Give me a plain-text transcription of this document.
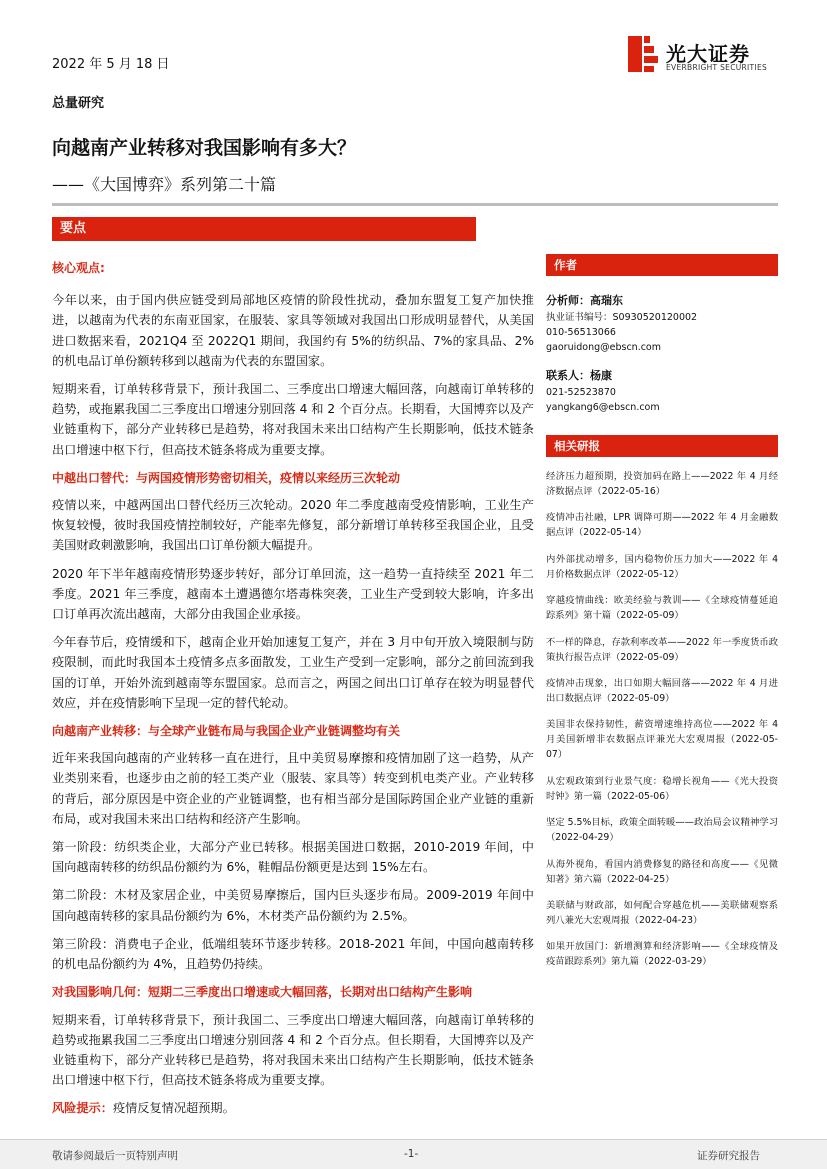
2022 年 5 月 18 日	光大证券
EVERBRIGHT SECURITIES
总量研究
向越南产业转移对我国影响有多大？
——《大国博弈》系列第二十篇
要点
核心观点:

今年以来，由于国内供应链受到局部地区疫情的阶段性扰动，叠加东盟复工复产加快推进，以越南为代表的东南亚国家，在服装、家具等领域对我国出口形成明显替代，从美国进口数据来看，2021Q4 至 2022Q1 期间，我国约有 5%的纺织品、7%的家具品、2%的机电品订单份额转移到以越南为代表的东盟国家。

短期来看，订单转移背景下，预计我国二、三季度出口增速大幅回落，向越南订单转移的趋势，或拖累我国二三季度出口增速分别回落 4 和 2 个百分点。长期看，大国博弈以及产业链重构下，部分产业转移已是趋势，将对我国未来出口结构产生长期影响，低技术链条出口增速中枢下行，但高技术链条将成为重要支撑。

中越出口替代：与两国疫情形势密切相关，疫情以来经历三次轮动

疫情以来，中越两国出口替代经历三次轮动。2020 年二季度越南受疫情影响，工业生产恢复较慢，彼时我国疫情控制较好，产能率先修复，部分新增订单转移至我国企业，且受美国财政刺激影响，我国出口订单份额大幅提升。

2020 年下半年越南疫情形势逐步转好，部分订单回流，这一趋势一直持续至 2021 年二季度。2021 年三季度，越南本土遭遇德尔塔毒株突袭，工业生产受到较大影响，许多出口订单再次流出越南，大部分由我国企业承接。

今年春节后，疫情缓和下，越南企业开始加速复工复产，并在 3 月中旬开放入境限制与防疫限制，而此时我国本土疫情多点多面散发，工业生产受到一定影响，部分之前回流到我国的订单，开始外流到越南等东盟国家。总而言之，两国之间出口订单存在较为明显替代效应，并在疫情影响下呈现一定的替代轮动。

向越南产业转移：与全球产业链布局与我国企业产业链调整均有关

近年来我国向越南的产业转移一直在进行，且中美贸易摩擦和疫情加剧了这一趋势，从产业类别来看，也逐步由之前的轻工类产业（服装、家具等）转变到机电类产业。产业转移的背后，部分原因是中资企业的产业链调整，也有相当部分是国际跨国企业产业链的重新布局，或对我国未来出口结构和经济产生影响。

第一阶段：纺织类企业，大部分产业已转移。根据美国进口数据，2010-2019 年间，中国向越南转移的纺织品份额约为 6%，鞋帽品份额更是达到 15%左右。

第二阶段：木材及家居企业，中美贸易摩擦后，国内巨头逐步布局。2009-2019 年间中国向越南转移的家具品份额约为 6%，木材类产品份额约为 2.5%。

第三阶段：消费电子企业，低端组装环节逐步转移。2018-2021 年间，中国向越南转移的机电品份额约为 4%，且趋势仍持续。

对我国影响几何：短期二三季度出口增速或大幅回落，长期对出口结构产生影响

短期来看，订单转移背景下，预计我国二、三季度出口增速大幅回落，向越南订单转移的趋势或拖累我国二三季度出口增速分别回落 4 和 2 个百分点。但长期看，大国博弈以及产业链重构下，部分产业转移已是趋势，将对我国未来出口结构产生长期影响，低技术链条出口增速中枢下行，但高技术链条将成为重要支撑。

风险提示：疫情反复情况超预期。

作者
分析师：高瑞东
执业证书编号：S0930520120002
010-56513066
gaoruidong@ebscn.com
联系人：杨康
021-52523870
yangkang6@ebscn.com
相关研报
经济压力超预期，投资加码在路上——2022 年 4 月经济数据点评（2022-05-16）
疫情冲击社融，LPR 调降可期——2022 年 4 月金融数据点评（2022-05-14）
内外部扰动增多，国内稳物价压力加大——2022 年 4 月价格数据点评（2022-05-12）
穿越疫情曲线：欧美经验与教训——《全球疫情蔓延追踪系列》第十篇（2022-05-09）
不一样的降息，存款利率改革——2022 年一季度货币政策执行报告点评（2022-05-09）
疫情冲击现象，出口如期大幅回落——2022 年 4 月进出口数据点评（2022-05-09）
美国非农保持韧性，薪资增速维持高位——2022 年 4 月美国新增非农数据点评兼光大宏观周报（2022-05-07）
从宏观政策到行业景气度：稳增长视角——《光大投资时钟》第一篇（2022-05-06）
坚定 5.5%目标，政策全面转暖——政治局会议精神学习（2022-04-29）
从海外视角，看国内消费修复的路径和高度——《见微知著》第六篇（2022-04-25）
美联储与财政部，如何配合穿越危机——美联储观察系列八兼光大宏观周报（2022-04-23）
如果开放国门：新增测算和经济影响——《全球疫情及疫苗跟踪系列》第九篇（2022-03-29）
敬请参阅最后一页特别声明	-1-	证券研究报告
